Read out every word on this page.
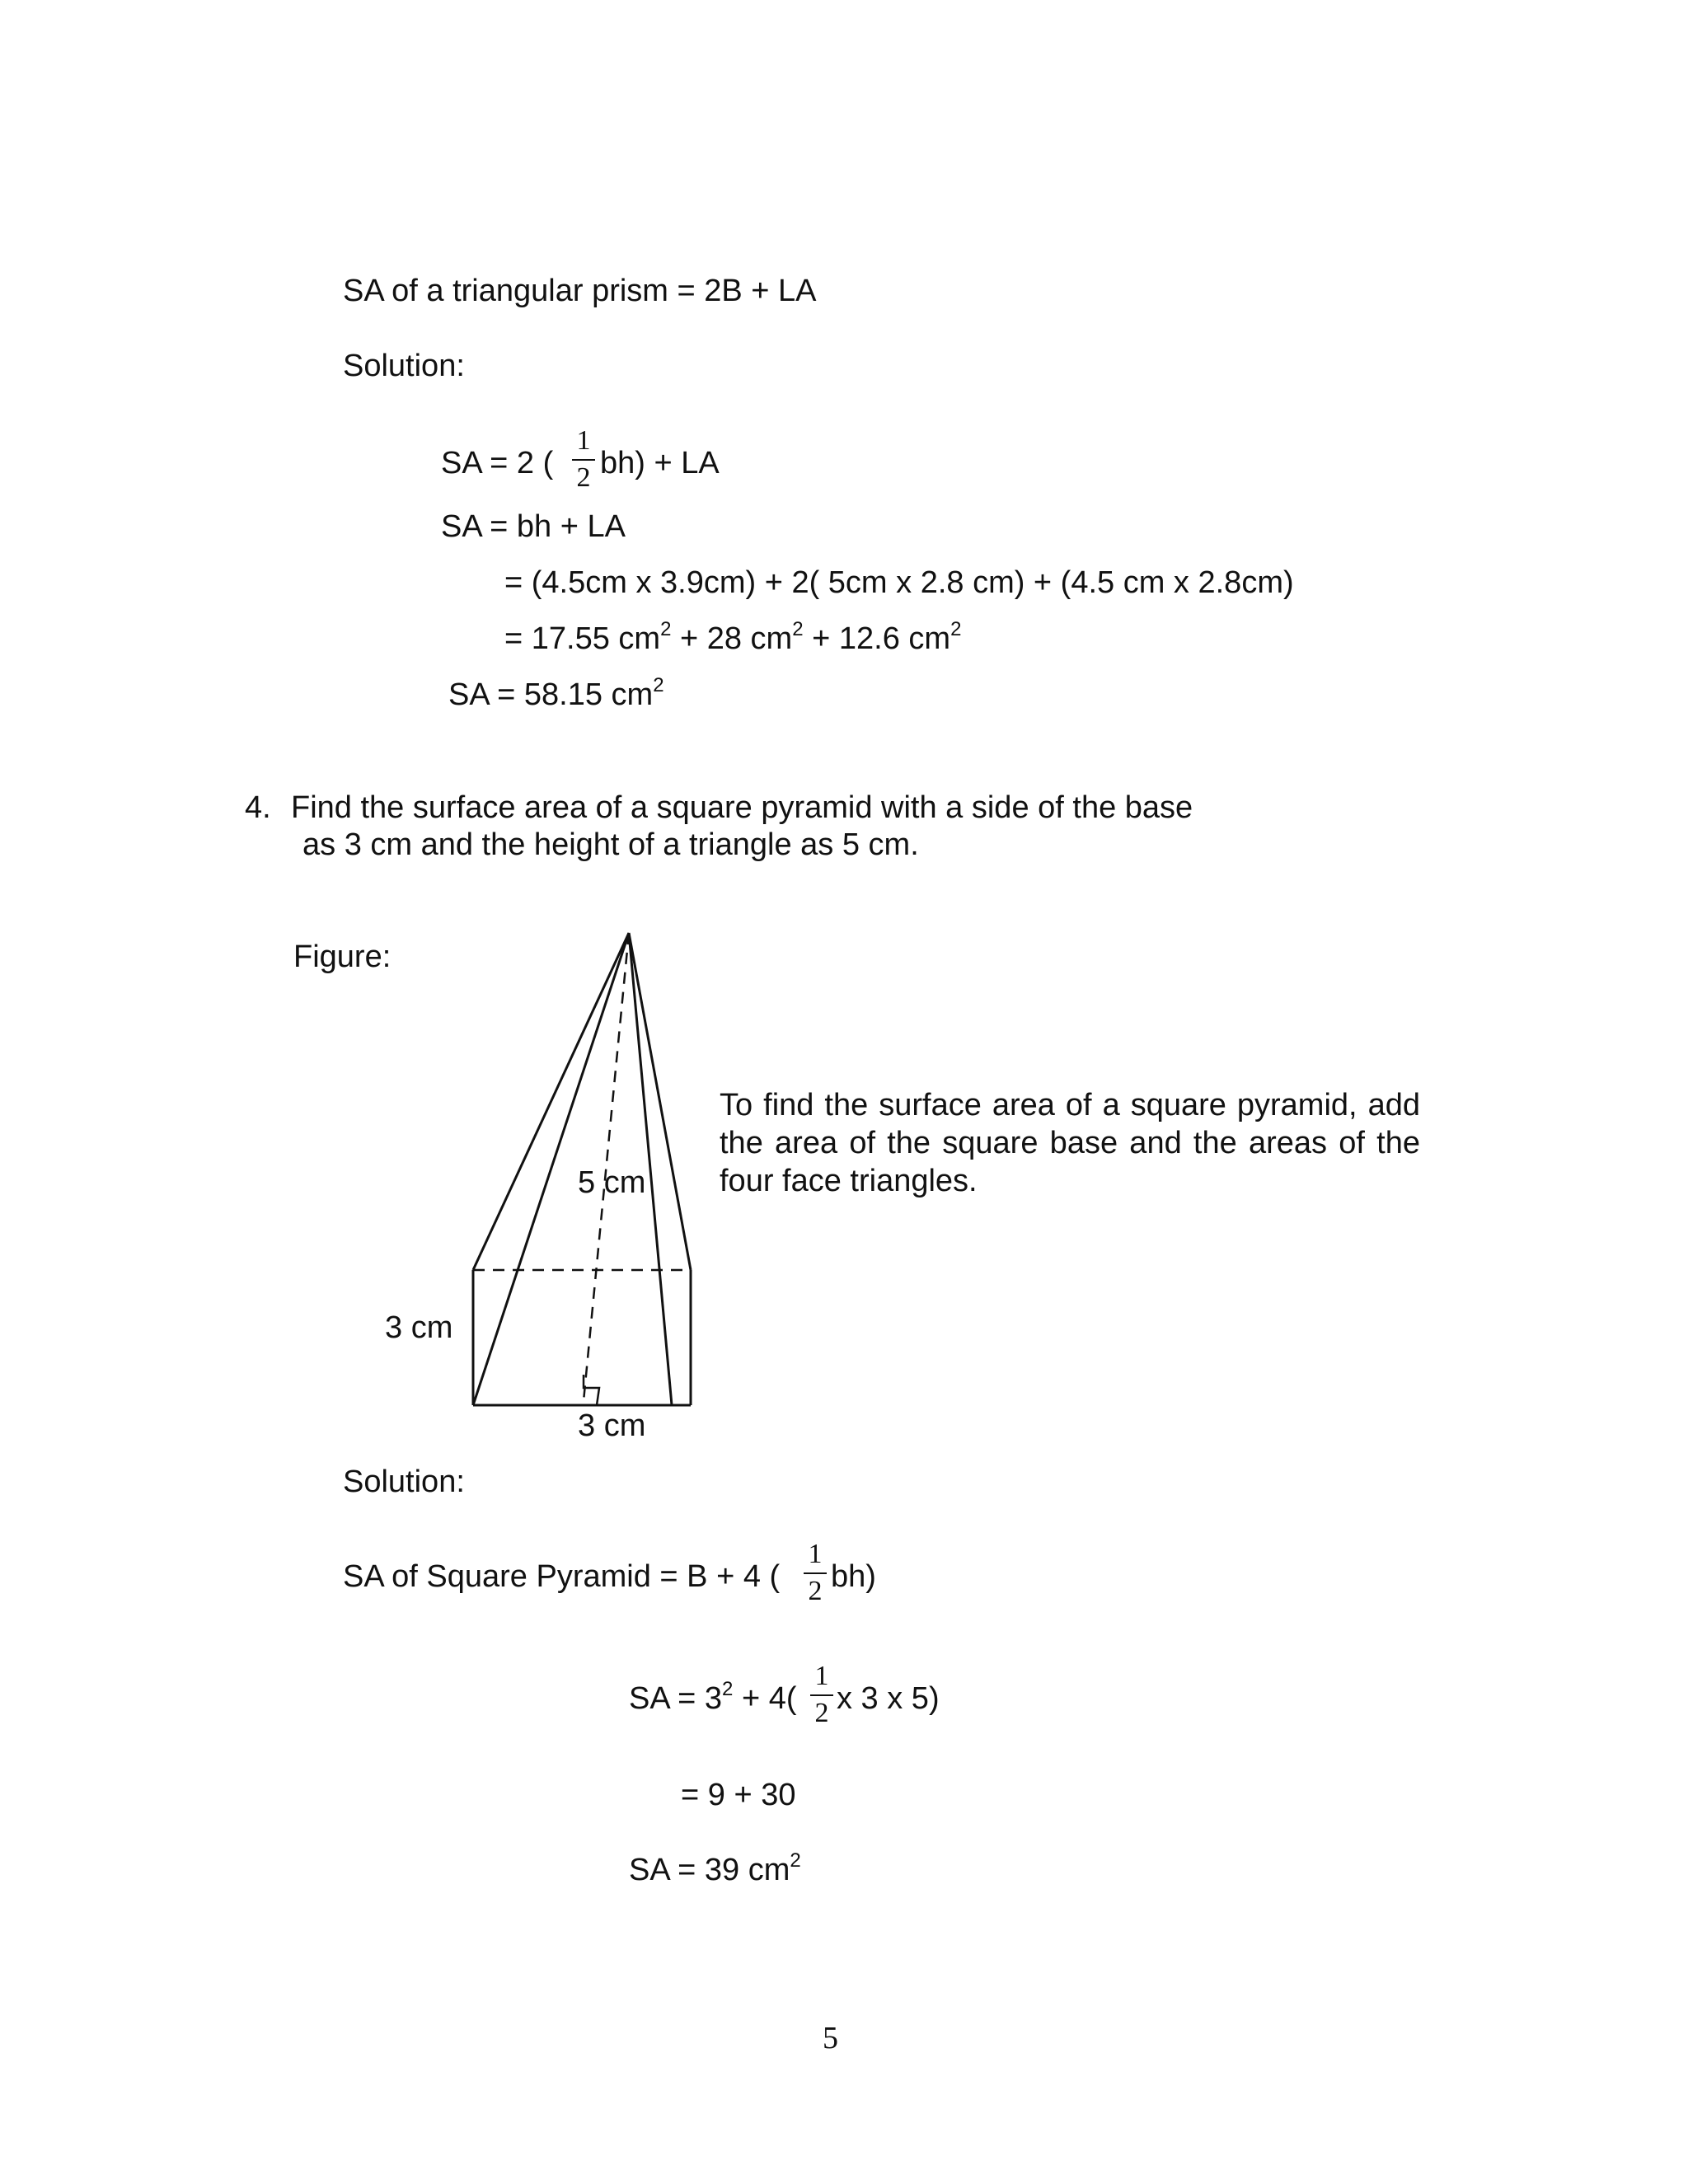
SA of a triangular prism = 2B + LA
Solution:
SA = 2 (
1
2 bh) + LA
SA = bh + LA
= (4.5cm x 3.9cm) + 2( 5cm x 2.8 cm) + (4.5 cm x 2.8cm)
= 17.55 $cm^2 + 28$ $cm^2 + 12.6$ $cm^2$
SA = 58.15 $cm^2$
4. Find the surface area of a square pyramid with a side of the base
as 3 cm and the height of a triangle as 5 cm.
Figure:
5 cm
3 cm
3 cm
To find the surface area of a square pyramid, add the area of the square base and the areas of the four face triangles.
Solution:
SA of Square Pyramid = B + 4 (
1
2 bh)
SA = $3^2 + 4$(
1
2 x 3 x 5)
= 9 + 30
SA = 39 $cm^2$
5
